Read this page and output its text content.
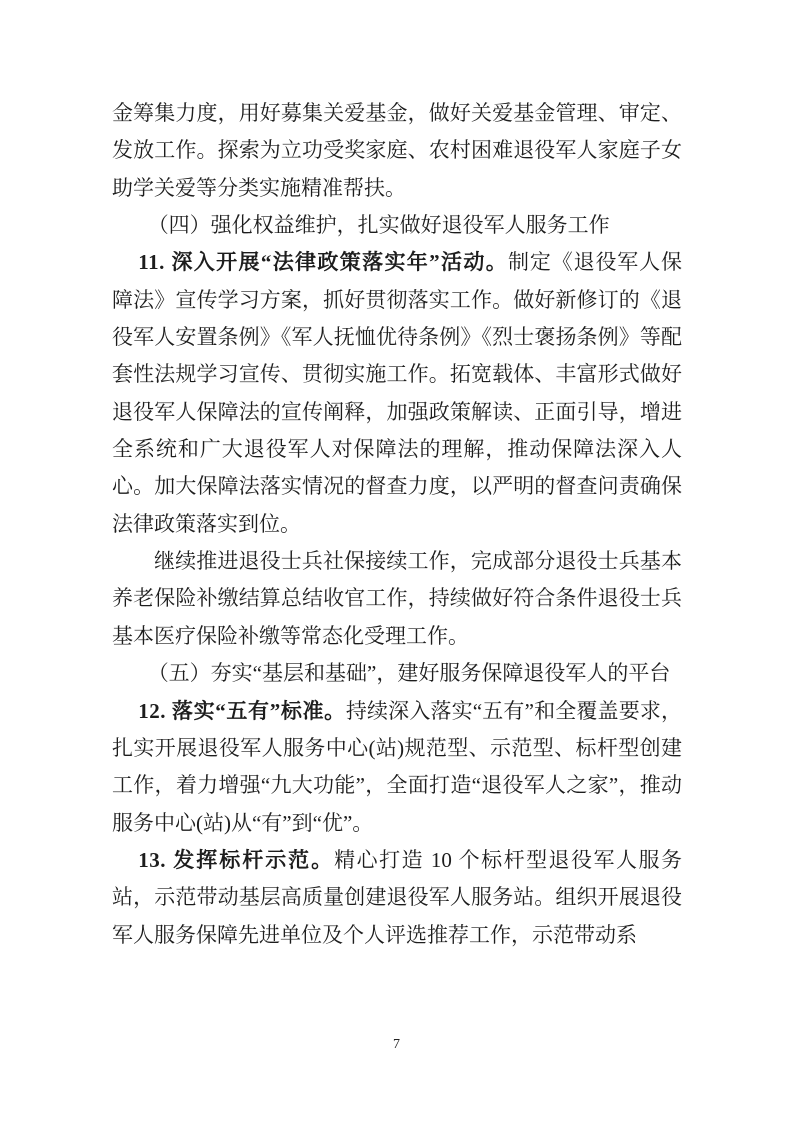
金筹集力度，用好募集关爱基金，做好关爱基金管理、审定、发放工作。探索为立功受奖家庭、农村困难退役军人家庭子女助学关爱等分类实施精准帮扶。

（四）强化权益维护，扎实做好退役军人服务工作

11. 深入开展“法律政策落实年”活动。制定《退役军人保障法》宣传学习方案，抓好贯彻落实工作。做好新修订的《退役军人安置条例》《军人抚恤优待条例》《烈士褒扬条例》等配套性法规学习宣传、贯彻实施工作。拓宽载体、丰富形式做好退役军人保障法的宣传阐释，加强政策解读、正面引导，增进全系统和广大退役军人对保障法的理解，推动保障法深入人心。加大保障法落实情况的督查力度，以严明的督查问责确保法律政策落实到位。

继续推进退役士兵社保接续工作，完成部分退役士兵基本养老保险补缴结算总结收官工作，持续做好符合条件退役士兵基本医疗保险补缴等常态化受理工作。

（五）夯实“基层和基础”，建好服务保障退役军人的平台

12. 落实“五有”标准。持续深入落实“五有”和全覆盖要求，扎实开展退役军人服务中心(站)规范型、示范型、标杆型创建工作，着力增强“九大功能”，全面打造“退役军人之家”，推动服务中心(站)从“有”到“优”。

13. 发挥标杆示范。精心打造 10 个标杆型退役军人服务站，示范带动基层高质量创建退役军人服务站。组织开展退役军人服务保障先进单位及个人评选推荐工作，示范带动系

7
